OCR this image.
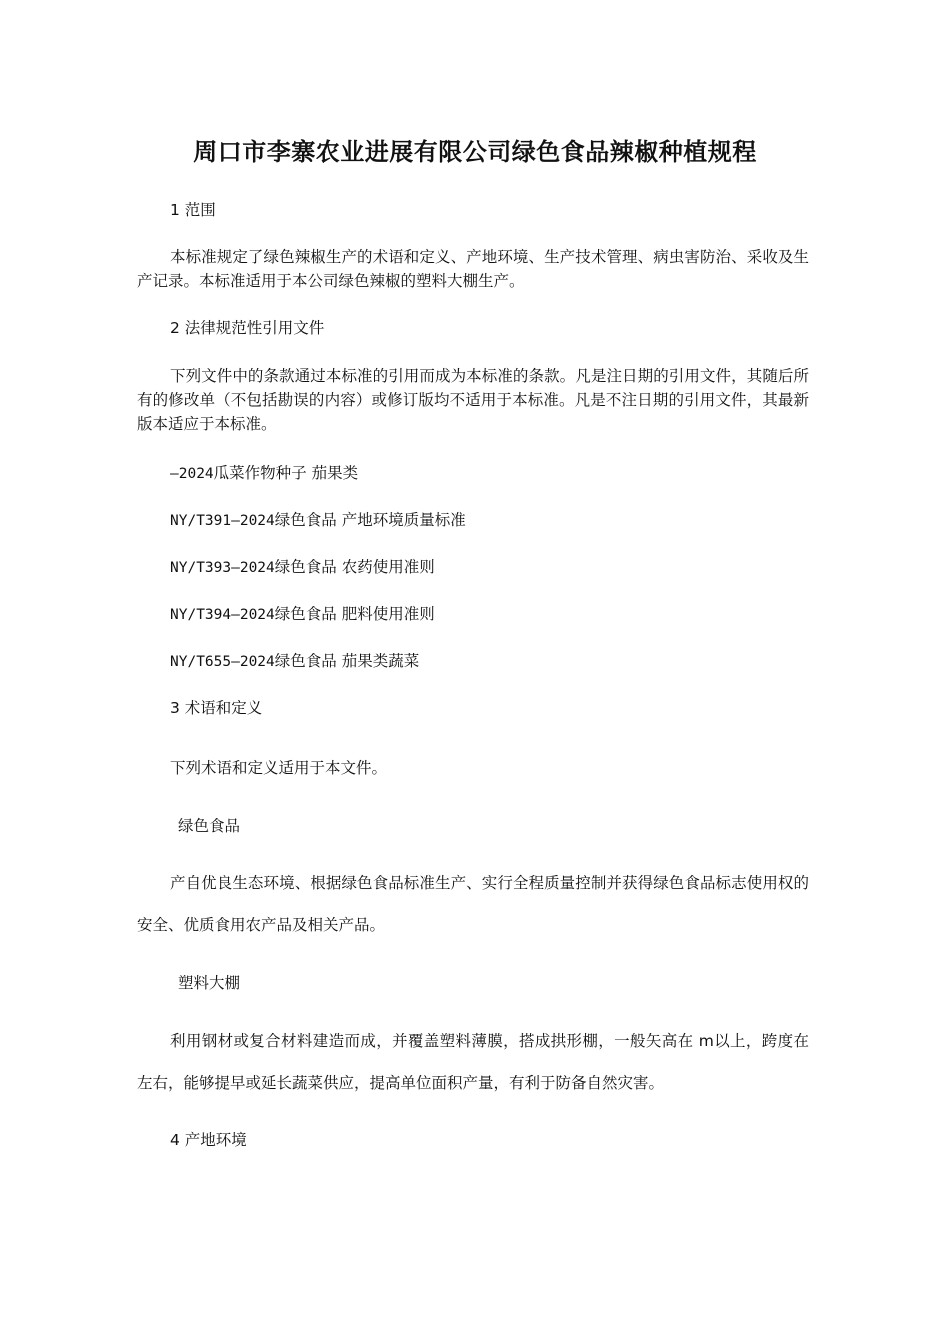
周口市李寨农业进展有限公司绿色食品辣椒种植规程
1 范围
本标准规定了绿色辣椒生产的术语和定义、产地环境、生产技术管理、病虫害防治、采收及生产记录。本标准适用于本公司绿色辣椒的塑料大棚生产。
2 法律规范性引用文件
下列文件中的条款通过本标准的引用而成为本标准的条款。凡是注日期的引用文件，其随后所有的修改单（不包括勘误的内容）或修订版均不适用于本标准。凡是不注日期的引用文件，其最新版本适应于本标准。
—2024瓜菜作物种子 茄果类
NY/T391—2024绿色食品 产地环境质量标准
NY/T393—2024绿色食品 农药使用准则
NY/T394—2024绿色食品 肥料使用准则
NY/T655—2024绿色食品 茄果类蔬菜
3 术语和定义
下列术语和定义适用于本文件。
绿色食品
产自优良生态环境、根据绿色食品标准生产、实行全程质量控制并获得绿色食品标志使用权的安全、优质食用农产品及相关产品。
塑料大棚
利用钢材或复合材料建造而成，并覆盖塑料薄膜，搭成拱形棚，一般矢高在 m以上，跨度在左右，能够提早或延长蔬菜供应，提高单位面积产量，有利于防备自然灾害。
4 产地环境
